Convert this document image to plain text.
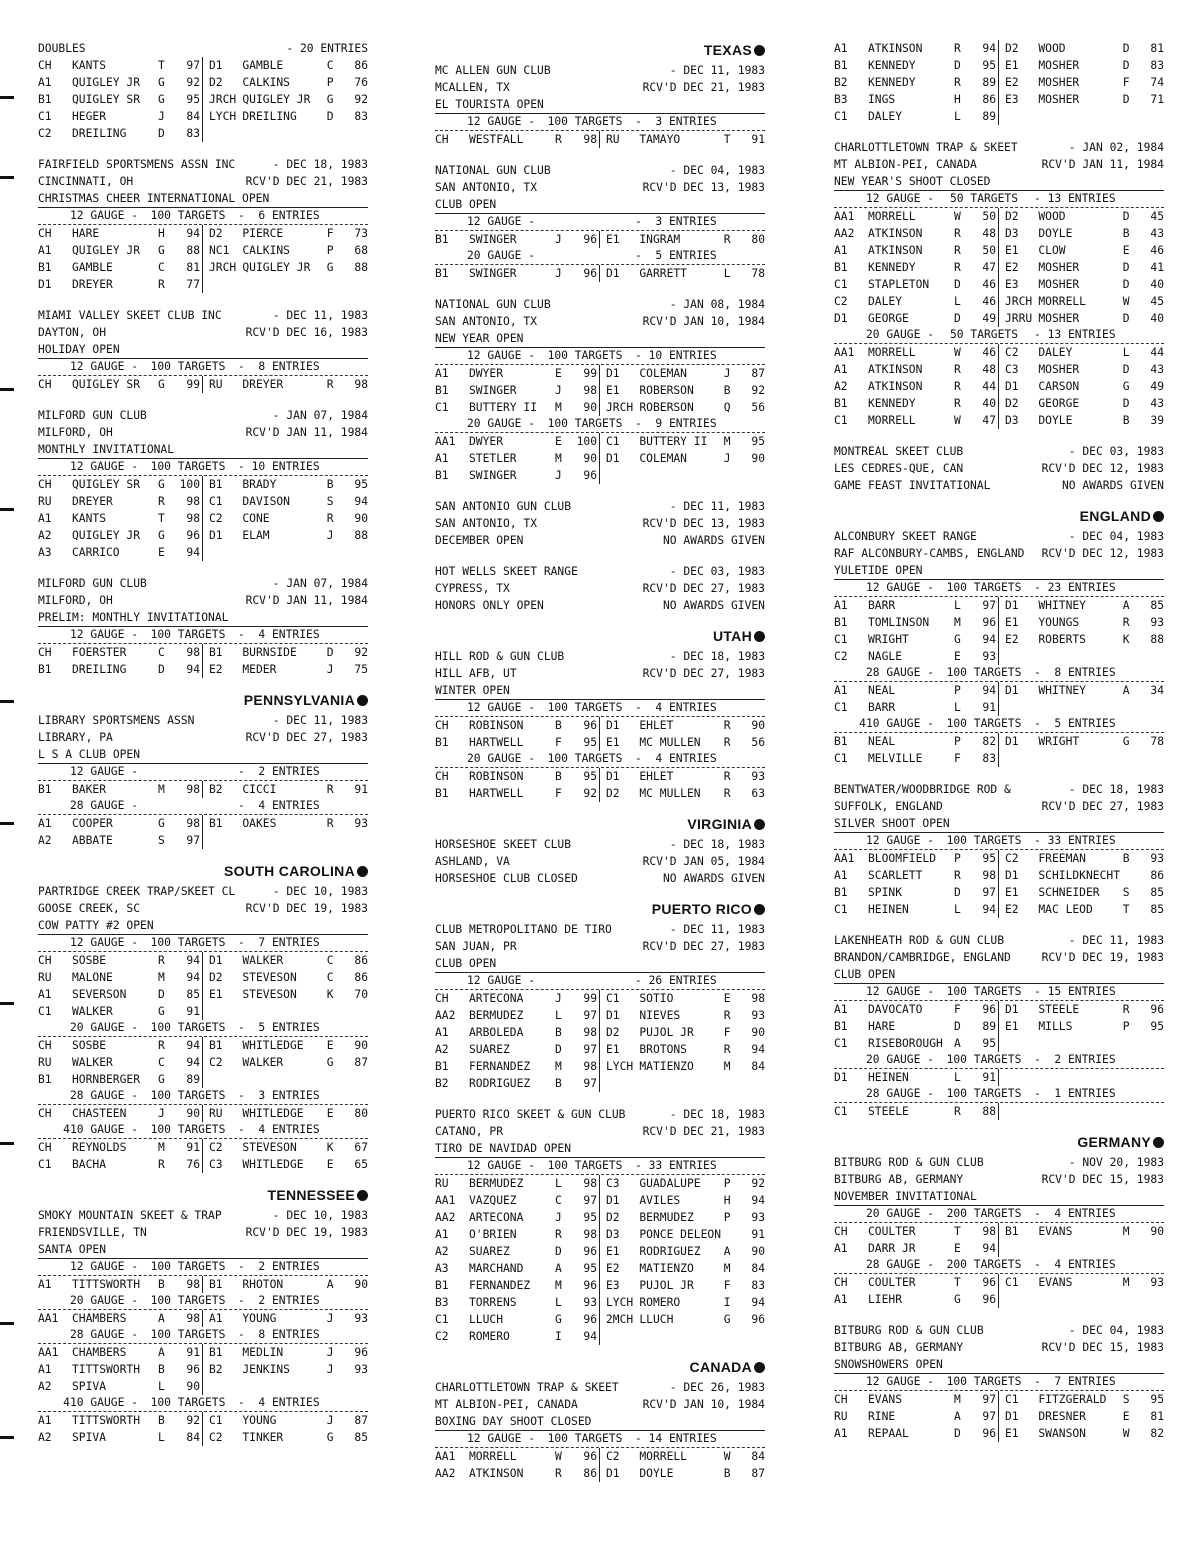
DOUBLES	- 20 ENTRIES
CH	KANTS	T	97 D1	GAMBLE	C	86
A1	QUIGLEY JR	G	92 D2	CALKINS	P	76
B1	QUIGLEY SR	G	95 JRCH QUIGLEY JR	G	92
C1	HEGER	J	84 LYCH DREILING	D	83
C2	DREILING	D	83
FAIRFIELD SPORTSMENS ASSN INC	- DEC 18, 1983
CINCINNATI, OH	RCV'D DEC 21, 1983
CHRISTMAS CHEER INTERNATIONAL OPEN
12 GAUGE - 100 TARGETS -  6 ENTRIES
CH	HARE	H	94 D2	PIERCE	F	73
A1	QUIGLEY JR	G	88 NC1	CALKINS	P	68
B1	GAMBLE	C	81 JRCH QUIGLEY JR	G	88
D1	DREYER	R	77
MIAMI VALLEY SKEET CLUB INC	- DEC 11, 1983
DAYTON, OH	RCV'D DEC 16, 1983
HOLIDAY OPEN
12 GAUGE - 100 TARGETS -  8 ENTRIES
CH	QUIGLEY SR	G	99 RU	DREYER	R	98
MILFORD GUN CLUB	- JAN 07, 1984
MILFORD, OH	RCV'D JAN 11, 1984
MONTHLY INVITATIONAL
12 GAUGE - 100 TARGETS - 10 ENTRIES
CH	QUIGLEY SR	G	100 B1	BRADY	B	95
RU	DREYER	R	98 C1	DAVISON	S	94
A1	KANTS	T	98 C2	CONE	R	90
A2	QUIGLEY JR	G	96 D1	ELAM	J	88
A3	CARRICO	E	94
MILFORD GUN CLUB	- JAN 07, 1984
MILFORD, OH	RCV'D JAN 11, 1984
PRELIM: MONTHLY INVITATIONAL
12 GAUGE - 100 TARGETS -  4 ENTRIES
CH	FOERSTER	C	98 B1	BURNSIDE	D	92
B1	DREILING	D	94 E2	MEDER	J	75
PENNSYLVANIA
LIBRARY SPORTSMENS ASSN	- DEC 11, 1983
LIBRARY, PA	RCV'D DEC 27, 1983
L S A CLUB OPEN
12 GAUGE -	-  2 ENTRIES
B1	BAKER	M	98 B2	CICCI	R	91
28 GAUGE -	-  4 ENTRIES
A1	COOPER	G	98 B1	OAKES	R	93
A2	ABBATE	S	97
SOUTH CAROLINA
PARTRIDGE CREEK TRAP/SKEET CL	- DEC 10, 1983
GOOSE CREEK, SC	RCV'D DEC 19, 1983
COW PATTY #2 OPEN
12 GAUGE - 100 TARGETS -  7 ENTRIES
CH	SOSBE	R	94 D1	WALKER	C	86
RU	MALONE	M	94 D2	STEVESON	C	86
A1	SEVERSON	D	85 E1	STEVESON	K	70
C1	WALKER	G	91
20 GAUGE - 100 TARGETS -  5 ENTRIES
CH	SOSBE	R	94 B1	WHITLEDGE	E	90
RU	WALKER	C	94 C2	WALKER	G	87
B1	HORNBERGER	G	89
28 GAUGE - 100 TARGETS -  3 ENTRIES
CH	CHASTEEN	J	90 RU	WHITLEDGE	E	80
410 GAUGE - 100 TARGETS -  4 ENTRIES
CH	REYNOLDS	M	91 C2	STEVESON	K	67
C1	BACHA	R	76 C3	WHITLEDGE	E	65
TENNESSEE
SMOKY MOUNTAIN SKEET & TRAP	- DEC 10, 1983
FRIENDSVILLE, TN	RCV'D DEC 19, 1983
SANTA OPEN
12 GAUGE - 100 TARGETS -  2 ENTRIES
A1	TITTSWORTH	B	98 B1	RHOTON	A	90
20 GAUGE - 100 TARGETS -  2 ENTRIES
AA1	CHAMBERS	A	98 A1	YOUNG	J	93
28 GAUGE - 100 TARGETS -  8 ENTRIES
AA1	CHAMBERS	A	91 B1	MEDLIN	J	96
A1	TITTSWORTH	B	96 B2	JENKINS	J	93
A2	SPIVA	L	90
410 GAUGE - 100 TARGETS -  4 ENTRIES
A1	TITTSWORTH	B	92 C1	YOUNG	J	87
A2	SPIVA	L	84 C2	TINKER	G	85
TEXAS
MC ALLEN GUN CLUB	- DEC 11, 1983
MCALLEN, TX	RCV'D DEC 21, 1983
EL TOURISTA OPEN
12 GAUGE - 100 TARGETS -  3 ENTRIES
CH	WESTFALL	R	98 RU	TAMAYO	T	91
NATIONAL GUN CLUB	- DEC 04, 1983
SAN ANTONIO, TX	RCV'D DEC 13, 1983
CLUB OPEN
12 GAUGE -	-  3 ENTRIES
B1	SWINGER	J	96 E1	INGRAM	R	80
20 GAUGE -	-  5 ENTRIES
B1	SWINGER	J	96 D1	GARRETT	L	78
NATIONAL GUN CLUB	- JAN 08, 1984
SAN ANTONIO, TX	RCV'D JAN 10, 1984
NEW YEAR OPEN
12 GAUGE - 100 TARGETS - 10 ENTRIES
A1	DWYER	E	99 D1	COLEMAN	J	87
B1	SWINGER	J	98 E1	ROBERSON	B	92
C1	BUTTERY II	M	90 JRCH ROBERSON	Q	56
20 GAUGE - 100 TARGETS -  9 ENTRIES
AA1	DWYER	E	100 C1	BUTTERY II	M	95
A1	STETLER	M	90 D1	COLEMAN	J	90
B1	SWINGER	J	96
SAN ANTONIO GUN CLUB	- DEC 11, 1983
SAN ANTONIO, TX	RCV'D DEC 13, 1983
DECEMBER OPEN	NO AWARDS GIVEN
HOT WELLS SKEET RANGE	- DEC 03, 1983
CYPRESS, TX	RCV'D DEC 27, 1983
HONORS ONLY OPEN	NO AWARDS GIVEN
UTAH
HILL ROD & GUN CLUB	- DEC 18, 1983
HILL AFB, UT	RCV'D DEC 27, 1983
WINTER OPEN
12 GAUGE - 100 TARGETS -  4 ENTRIES
CH	ROBINSON	B	96 D1	EHLET	R	90
B1	HARTWELL	F	95 E1	MC MULLEN	R	56
20 GAUGE - 100 TARGETS -  4 ENTRIES
CH	ROBINSON	B	95 D1	EHLET	R	93
B1	HARTWELL	F	92 D2	MC MULLEN	R	63
VIRGINIA
HORSESHOE SKEET CLUB	- DEC 18, 1983
ASHLAND, VA	RCV'D JAN 05, 1984
HORSESHOE CLUB CLOSED	NO AWARDS GIVEN
PUERTO RICO
CLUB METROPOLITANO DE TIRO	- DEC 11, 1983
SAN JUAN, PR	RCV'D DEC 27, 1983
CLUB OPEN
12 GAUGE -	- 26 ENTRIES
CH	ARTECONA	J	99 C1	SOTIO	E	98
AA2	BERMUDEZ	L	97 D1	NIEVES	R	93
A1	ARBOLEDA	B	98 D2	PUJOL JR	F	90
A2	SUAREZ	D	97 E1	BROTONS	R	94
B1	FERNANDEZ	M	98 LYCH MATIENZO	M	84
B2	RODRIGUEZ	B	97
PUERTO RICO SKEET & GUN CLUB	- DEC 18, 1983
CATANO, PR	RCV'D DEC 21, 1983
TIRO DE NAVIDAD OPEN
12 GAUGE - 100 TARGETS - 33 ENTRIES
RU	BERMUDEZ	L	98 C3	GUADALUPE	P	92
AA1	VAZQUEZ	C	97 D1	AVILES	H	94
AA2	ARTECONA	J	95 D2	BERMUDEZ	P	93
A1	O'BRIEN	R	98 D3	PONCE DELEON	91
A2	SUAREZ	D	96 E1	RODRIGUEZ	A	90
A3	MARCHAND	A	95 E2	MATIENZO	M	84
B1	FERNANDEZ	M	96 E3	PUJOL JR	F	83
B3	TORRENS	L	93 LYCH ROMERO	I	94
C1	LLUCH	G	96 2MCH LLUCH	G	96
C2	ROMERO	I	94
CANADA
CHARLOTTLETOWN TRAP & SKEET	- DEC 26, 1983
MT ALBION-PEI, CANADA	RCV'D JAN 10, 1984
BOXING DAY SHOOT CLOSED
12 GAUGE - 100 TARGETS - 14 ENTRIES
AA1	MORRELL	W	96 C2	MORRELL	W	84
AA2	ATKINSON	R	86 D1	DOYLE	B	87
A1	ATKINSON	R	94 D2	WOOD	D	81
B1	KENNEDY	D	95 E1	MOSHER	D	83
B2	KENNEDY	R	89 E2	MOSHER	F	74
B3	INGS	H	86 E3	MOSHER	D	71
C1	DALEY	L	89
CHARLOTTLETOWN TRAP & SKEET	- JAN 02, 1984
MT ALBION-PEI, CANADA	RCV'D JAN 11, 1984
NEW YEAR'S SHOOT CLOSED
12 GAUGE - 50 TARGETS - 13 ENTRIES
AA1	MORRELL	W	50 D2	WOOD	D	45
AA2	ATKINSON	R	48 D3	DOYLE	B	43
A1	ATKINSON	R	50 E1	CLOW	E	46
B1	KENNEDY	R	47 E2	MOSHER	D	41
C1	STAPLETON	D	46 E3	MOSHER	D	40
C2	DALEY	L	46 JRCH MORRELL	W	45
D1	GEORGE	D	49 JRRU MOSHER	D	40
20 GAUGE - 50 TARGETS - 13 ENTRIES
AA1	MORRELL	W	46 C2	DALEY	L	44
A1	ATKINSON	R	48 C3	MOSHER	D	43
A2	ATKINSON	R	44 D1	CARSON	G	49
B1	KENNEDY	R	40 D2	GEORGE	D	43
C1	MORRELL	W	47 D3	DOYLE	B	39
MONTREAL SKEET CLUB	- DEC 03, 1983
LES CEDRES-QUE, CAN	RCV'D DEC 12, 1983
GAME FEAST INVITATIONAL	NO AWARDS GIVEN
ENGLAND
ALCONBURY SKEET RANGE	- DEC 04, 1983
RAF ALCONBURY-CAMBS, ENGLAND RCV'D DEC 12, 1983
YULETIDE OPEN
12 GAUGE - 100 TARGETS - 23 ENTRIES
A1	BARR	L	97 D1	WHITNEY	A	85
B1	TOMLINSON	M	96 E1	YOUNGS	R	93
C1	WRIGHT	G	94 E2	ROBERTS	K	88
C2	NAGLE	E	93
28 GAUGE - 100 TARGETS -  8 ENTRIES
A1	NEAL	P	94 D1	WHITNEY	A	34
C1	BARR	L	91
410 GAUGE - 100 TARGETS -  5 ENTRIES
B1	NEAL	P	82 D1	WRIGHT	G	78
C1	MELVILLE	F	83
BENTWATER/WOODBRIDGE ROD &	- DEC 18, 1983
SUFFOLK, ENGLAND	RCV'D DEC 27, 1983
SILVER SHOOT OPEN
12 GAUGE - 100 TARGETS - 33 ENTRIES
AA1	BLOOMFIELD	P	95 C2	FREEMAN	B	93
A1	SCARLETT	R	98 D1	SCHILDKNECHT	86
B1	SPINK	D	97 E1	SCHNEIDER	S	85
C1	HEINEN	L	94 E2	MAC LEOD	T	85
LAKENHEATH ROD & GUN CLUB	- DEC 11, 1983
BRANDON/CAMBRIDGE, ENGLAND	RCV'D DEC 19, 1983
CLUB OPEN
12 GAUGE - 100 TARGETS - 15 ENTRIES
A1	DAVOCATO	F	96 D1	STEELE	R	96
B1	HARE	D	89 E1	MILLS	P	95
C1	RISEBOROUGH A	95
20 GAUGE - 100 TARGETS -  2 ENTRIES
D1	HEINEN	L	91
28 GAUGE - 100 TARGETS -  1 ENTRIES
C1	STEELE	R	88
GERMANY
BITBURG ROD & GUN CLUB	- NOV 20, 1983
BITBURG AB, GERMANY	RCV'D DEC 15, 1983
NOVEMBER INVITATIONAL
20 GAUGE - 200 TARGETS -  4 ENTRIES
CH	COULTER	T	98 B1	EVANS	M	90
A1	DARR JR	E	94
28 GAUGE - 200 TARGETS -  4 ENTRIES
CH	COULTER	T	96 C1	EVANS	M	93
A1	LIEHR	G	96
BITBURG ROD & GUN CLUB	- DEC 04, 1983
BITBURG AB, GERMANY	RCV'D DEC 15, 1983
SNOWSHOWERS OPEN
12 GAUGE - 100 TARGETS -  7 ENTRIES
CH	EVANS	M	97 C1	FITZGERALD	S	95
RU	RINE	A	97 D1	DRESNER	E	81
A1	REPAAL	D	96 E1	SWANSON	W	82
